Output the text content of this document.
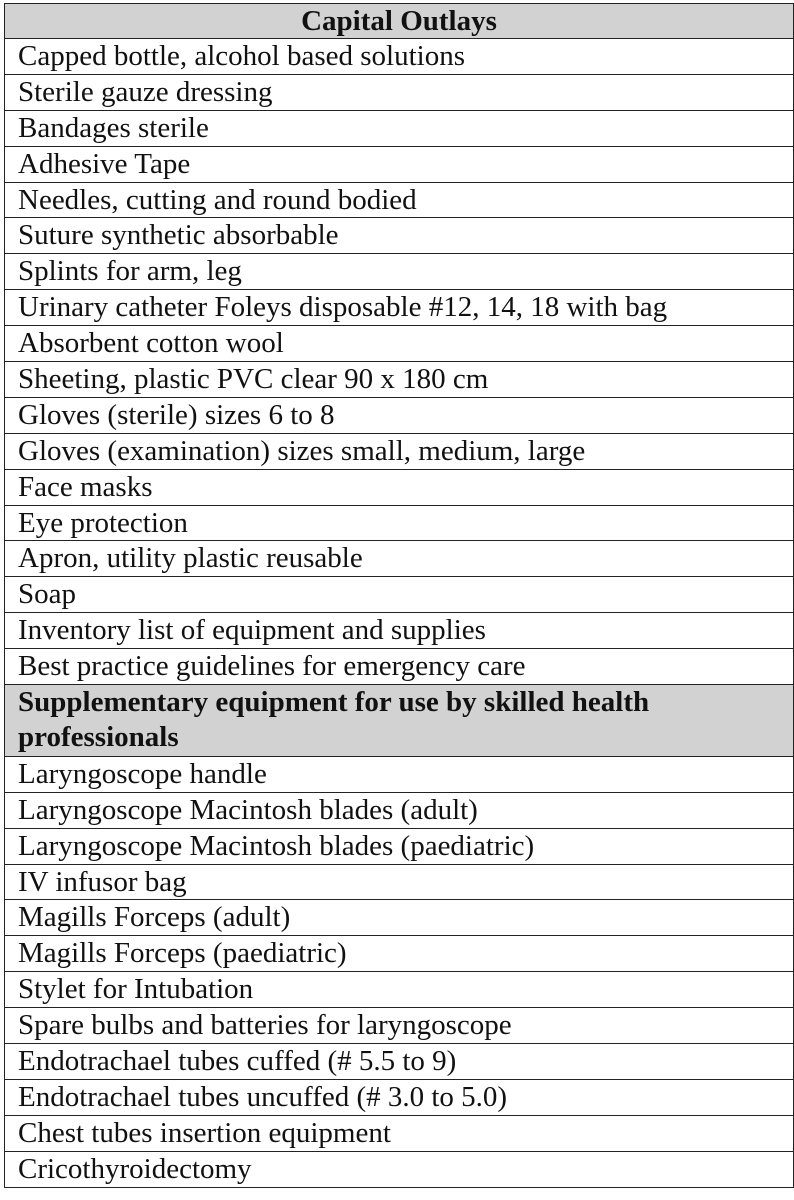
Capital Outlays
Capped bottle, alcohol based solutions
Sterile gauze dressing
Bandages sterile
Adhesive Tape
Needles, cutting and round bodied
Suture synthetic absorbable
Splints for arm, leg
Urinary catheter Foleys disposable #12, 14, 18 with bag
Absorbent cotton wool
Sheeting, plastic PVC clear 90 x 180 cm
Gloves (sterile) sizes 6 to 8
Gloves (examination) sizes small, medium, large
Face masks
Eye protection
Apron, utility plastic reusable
Soap
Inventory list of equipment and supplies
Best practice guidelines for emergency care
Supplementary equipment for use by skilled health professionals
Laryngoscope handle
Laryngoscope Macintosh blades (adult)
Laryngoscope Macintosh blades (paediatric)
IV infusor bag
Magills Forceps (adult)
Magills Forceps (paediatric)
Stylet for Intubation
Spare bulbs and batteries for laryngoscope
Endotrachael tubes cuffed (# 5.5 to 9)
Endotrachael tubes uncuffed (# 3.0 to 5.0)
Chest tubes insertion equipment
Cricothyroidectomy
